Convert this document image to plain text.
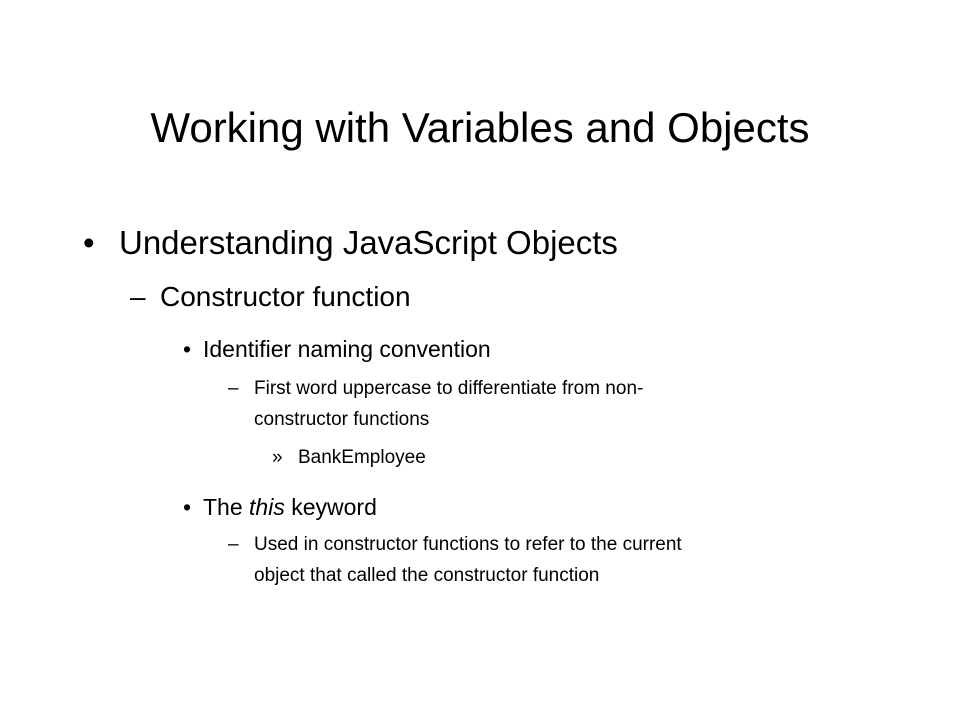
Working with Variables and Objects
• Understanding JavaScript Objects
– Constructor function
• Identifier naming convention
– First word uppercase to differentiate from non-
constructor functions
» BankEmployee
• The this keyword
– Used in constructor functions to refer to the current
object that called the constructor function
